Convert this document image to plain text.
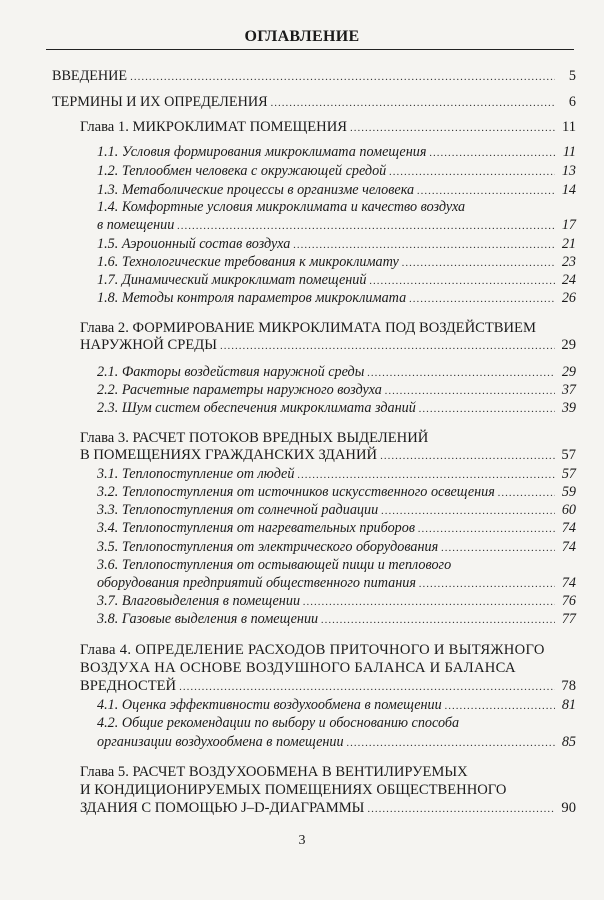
ОГЛАВЛЕНИЕ
ВВЕДЕНИЕ .....	5
ТЕРМИНЫ И ИХ ОПРЕДЕЛЕНИЯ .....	6
Глава 1. МИКРОКЛИМАТ ПОМЕЩЕНИЯ .....	11
1.1. Условия формирования микроклимата помещения .....	11
1.2. Теплообмен человека с окружающей средой .....	13
1.3. Метаболические процессы в организме человека .....	14
1.4. Комфортные условия микроклимата и качество воздуха
в помещении .....	17
1.5. Аэроионный состав воздуха .....	21
1.6. Технологические требования к микроклимату .....	23
1.7. Динамический микроклимат помещений .....	24
1.8. Методы контроля параметров микроклимата .....	26
Глава 2. ФОРМИРОВАНИЕ МИКРОКЛИМАТА ПОД ВОЗДЕЙСТВИЕМ
НАРУЖНОЙ СРЕДЫ .....	29
2.1. Факторы воздействия наружной среды .....	29
2.2. Расчетные параметры наружного воздуха .....	37
2.3. Шум систем обеспечения микроклимата зданий .....	39
Глава 3. РАСЧЕТ ПОТОКОВ ВРЕДНЫХ ВЫДЕЛЕНИЙ
В ПОМЕЩЕНИЯХ ГРАЖДАНСКИХ ЗДАНИЙ .....	57
3.1. Теплопоступление от людей .....	57
3.2. Теплопоступления от источников искусственного освещения .....	59
3.3. Теплопоступления от солнечной радиации .....	60
3.4. Теплопоступления от нагревательных приборов .....	74
3.5. Теплопоступления от электрического оборудования .....	74
3.6. Теплопоступления от остывающей пищи и теплового
оборудования предприятий общественного питания .....	74
3.7. Влаговыделения в помещении .....	76
3.8. Газовые выделения в помещении .....	77
Глава 4. ОПРЕДЕЛЕНИЕ РАСХОДОВ ПРИТОЧНОГО И ВЫТЯЖНОГО
ВОЗДУХА НА ОСНОВЕ ВОЗДУШНОГО БАЛАНСА И БАЛАНСА
ВРЕДНОСТЕЙ .....	78
4.1. Оценка эффективности воздухообмена в помещении .....	81
4.2. Общие рекомендации по выбору и обоснованию способа
организации воздухообмена в помещении .....	85
Глава 5. РАСЧЕТ ВОЗДУХООБМЕНА В ВЕНТИЛИРУЕМЫХ
И КОНДИЦИОНИРУЕМЫХ ПОМЕЩЕНИЯХ ОБЩЕСТВЕННОГО
ЗДАНИЯ С ПОМОЩЬЮ J–D-ДИАГРАММЫ .....	90
3
